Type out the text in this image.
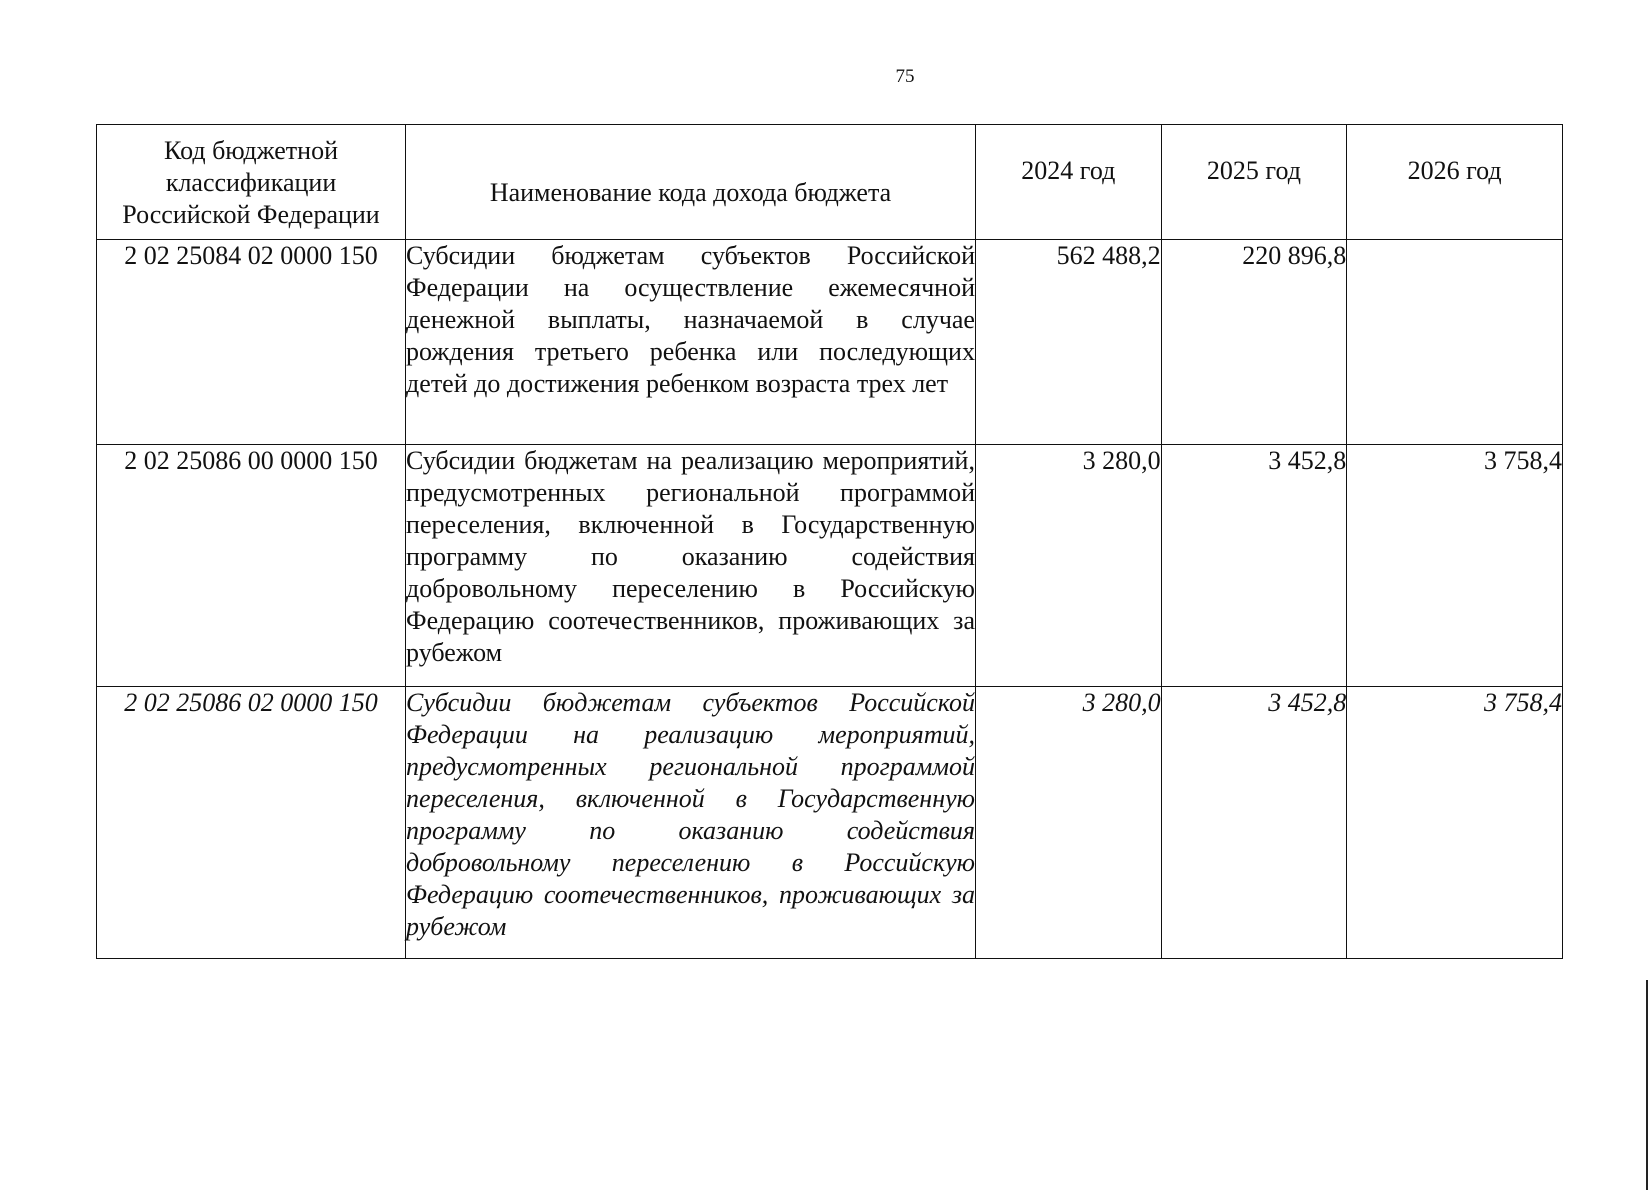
75
Код бюджетной классификации Российской Федерации	Наименование кода дохода бюджета	2024 год	2025 год	2026 год

2 02 25084 02 0000 150	Субсидии бюджетам субъектов Российской Федерации на осуществление ежемесячной денежной выплаты, назначаемой в случае рождения третьего ребенка или последующих детей до достижения ребенком возраста трех лет	562 488,2	220 896,8	
2 02 25086 00 0000 150	Субсидии бюджетам на реализацию мероприятий, предусмотренных региональной программой переселения, включенной в Государственную программу по оказанию содействия добровольному переселению в Российскую Федерацию соотечественников, проживающих за рубежом	3 280,0	3 452,8	3 758,4
2 02 25086 02 0000 150	Субсидии бюджетам субъектов Российской Федерации на реализацию мероприятий, предусмотренных региональной программой переселения, включенной в Государственную программу по оказанию содействия добровольному переселению в Российскую Федерацию соотечественников, проживающих за рубежом	3 280,0	3 452,8	3 758,4
